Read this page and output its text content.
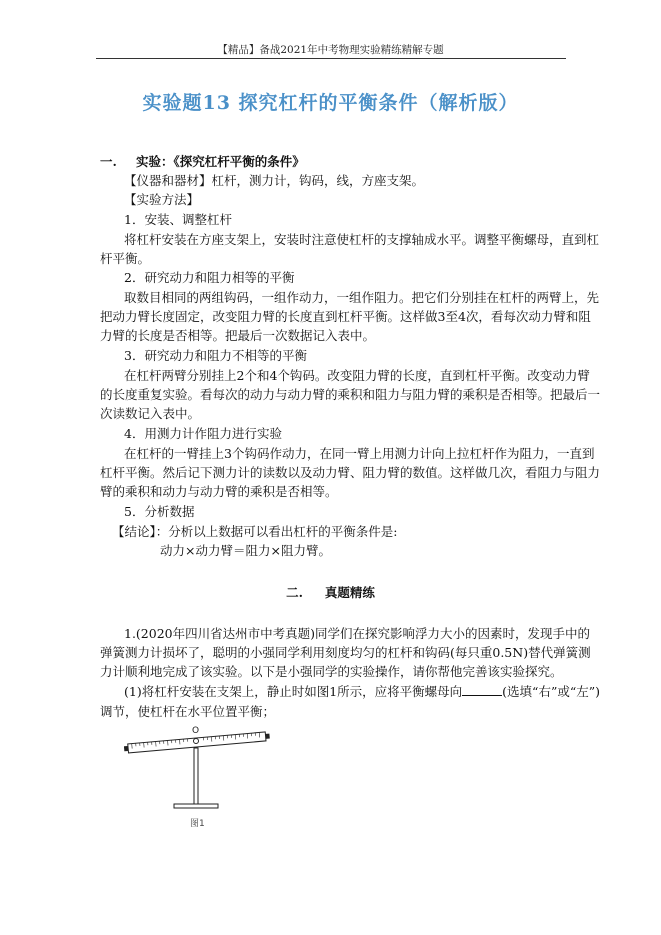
【精品】备战2021年中考物理实验精练精解专题
实验题13 探究杠杆的平衡条件（解析版）
一. 实验：《探究杠杆平衡的条件》
【仪器和器材】杠杆，测力计，钩码，线，方座支架。
【实验方法】
1．安装、调整杠杆
将杠杆安装在方座支架上，安装时注意使杠杆的支撑轴成水平。调整平衡螺母，直到杠
杆平衡。
2．研究动力和阻力相等的平衡
取数目相同的两组钩码，一组作动力，一组作阻力。把它们分别挂在杠杆的两臂上，先
把动力臂长度固定，改变阻力臂的长度直到杠杆平衡。这样做3至4次，看每次动力臂和阻
力臂的长度是否相等。把最后一次数据记入表中。
3．研究动力和阻力不相等的平衡
在杠杆两臂分别挂上2个和4个钩码。改变阻力臂的长度，直到杠杆平衡。改变动力臂
的长度重复实验。看每次的动力与动力臂的乘积和阻力与阻力臂的乘积是否相等。把最后一
次读数记入表中。
4．用测力计作阻力进行实验
在杠杆的一臂挂上3个钩码作动力，在同一臂上用测力计向上拉杠杆作为阻力，一直到
杠杆平衡。然后记下测力计的读数以及动力臂、阻力臂的数值。这样做几次，看阻力与阻力
臂的乘积和动力与动力臂的乘积是否相等。
5．分析数据
【结论】：分析以上数据可以看出杠杆的平衡条件是:
动力×动力臂＝阻力×阻力臂。
二. 真题精练
1.(2020年四川省达州市中考真题)同学们在探究影响浮力大小的因素时，发现手中的
弹簧测力计损坏了，聪明的小强同学利用刻度均匀的杠杆和钩码(每只重0.5N)替代弹簧测
力计顺利地完成了该实验。以下是小强同学的实验操作，请你帮他完善该实验探究。
(1)将杠杆安装在支架上，静止时如图1所示，应将平衡螺母向	(选填“右”或“左”)
调节，使杠杆在水平位置平衡；
O
图1
